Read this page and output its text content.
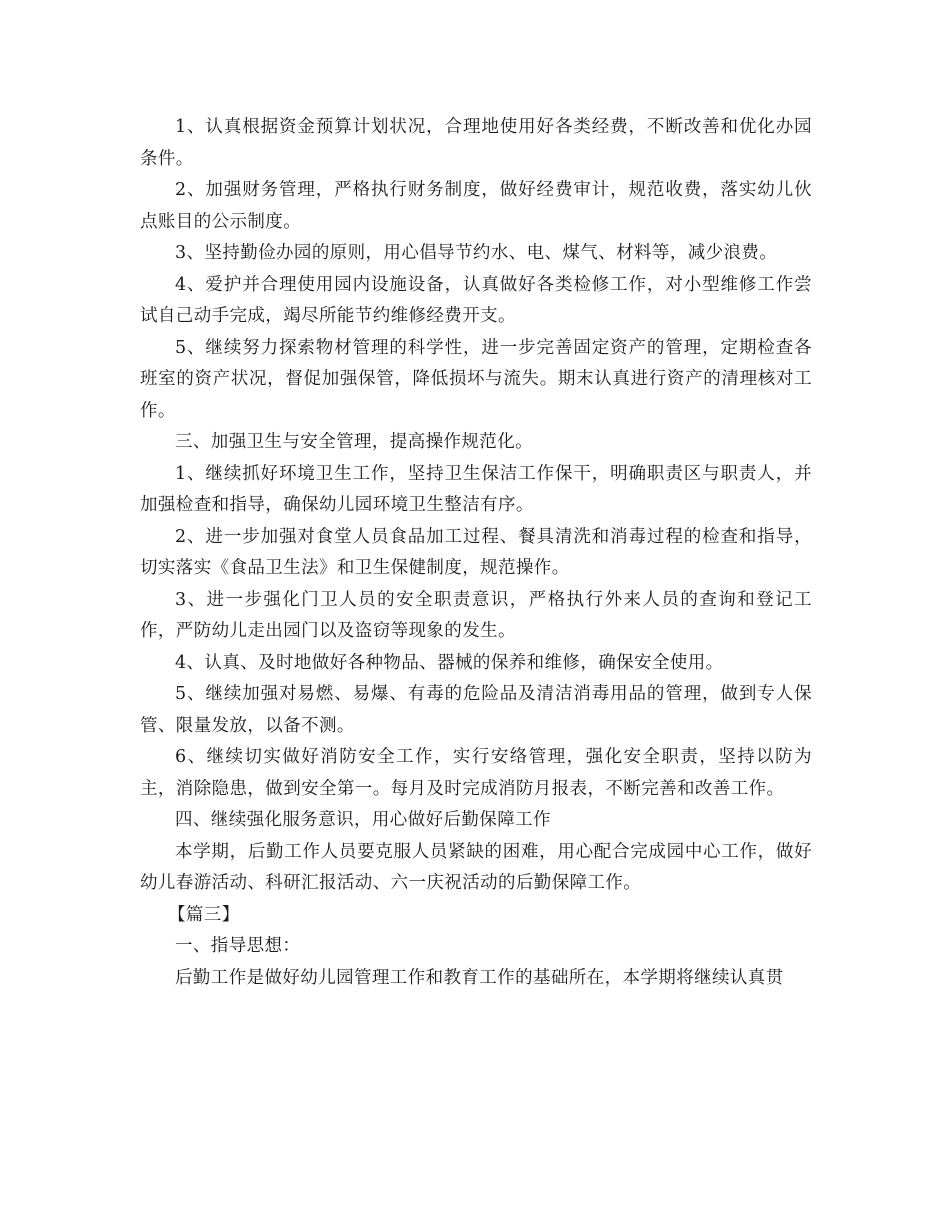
1、认真根据资金预算计划状况，合理地使用好各类经费，不断改善和优化办园条件。

2、加强财务管理，严格执行财务制度，做好经费审计，规范收费，落实幼儿伙点账目的公示制度。

3、坚持勤俭办园的原则，用心倡导节约水、电、煤气、材料等，减少浪费。

4、爱护并合理使用园内设施设备，认真做好各类检修工作，对小型维修工作尝试自己动手完成，竭尽所能节约维修经费开支。

5、继续努力探索物材管理的科学性，进一步完善固定资产的管理，定期检查各班室的资产状况，督促加强保管，降低损坏与流失。期末认真进行资产的清理核对工作。

三、加强卫生与安全管理，提高操作规范化。

1、继续抓好环境卫生工作，坚持卫生保洁工作保干，明确职责区与职责人，并加强检查和指导，确保幼儿园环境卫生整洁有序。

2、进一步加强对食堂人员食品加工过程、餐具清洗和消毒过程的检查和指导，切实落实《食品卫生法》和卫生保健制度，规范操作。

3、进一步强化门卫人员的安全职责意识，严格执行外来人员的查询和登记工作，严防幼儿走出园门以及盗窃等现象的发生。

4、认真、及时地做好各种物品、器械的保养和维修，确保安全使用。

5、继续加强对易燃、易爆、有毒的危险品及清洁消毒用品的管理，做到专人保管、限量发放，以备不测。

6、继续切实做好消防安全工作，实行安络管理，强化安全职责，坚持以防为主，消除隐患，做到安全第一。每月及时完成消防月报表，不断完善和改善工作。

四、继续强化服务意识，用心做好后勤保障工作

本学期，后勤工作人员要克服人员紧缺的困难，用心配合完成园中心工作，做好幼儿春游活动、科研汇报活动、六一庆祝活动的后勤保障工作。

【篇三】

一、指导思想：

后勤工作是做好幼儿园管理工作和教育工作的基础所在，本学期将继续认真贯
